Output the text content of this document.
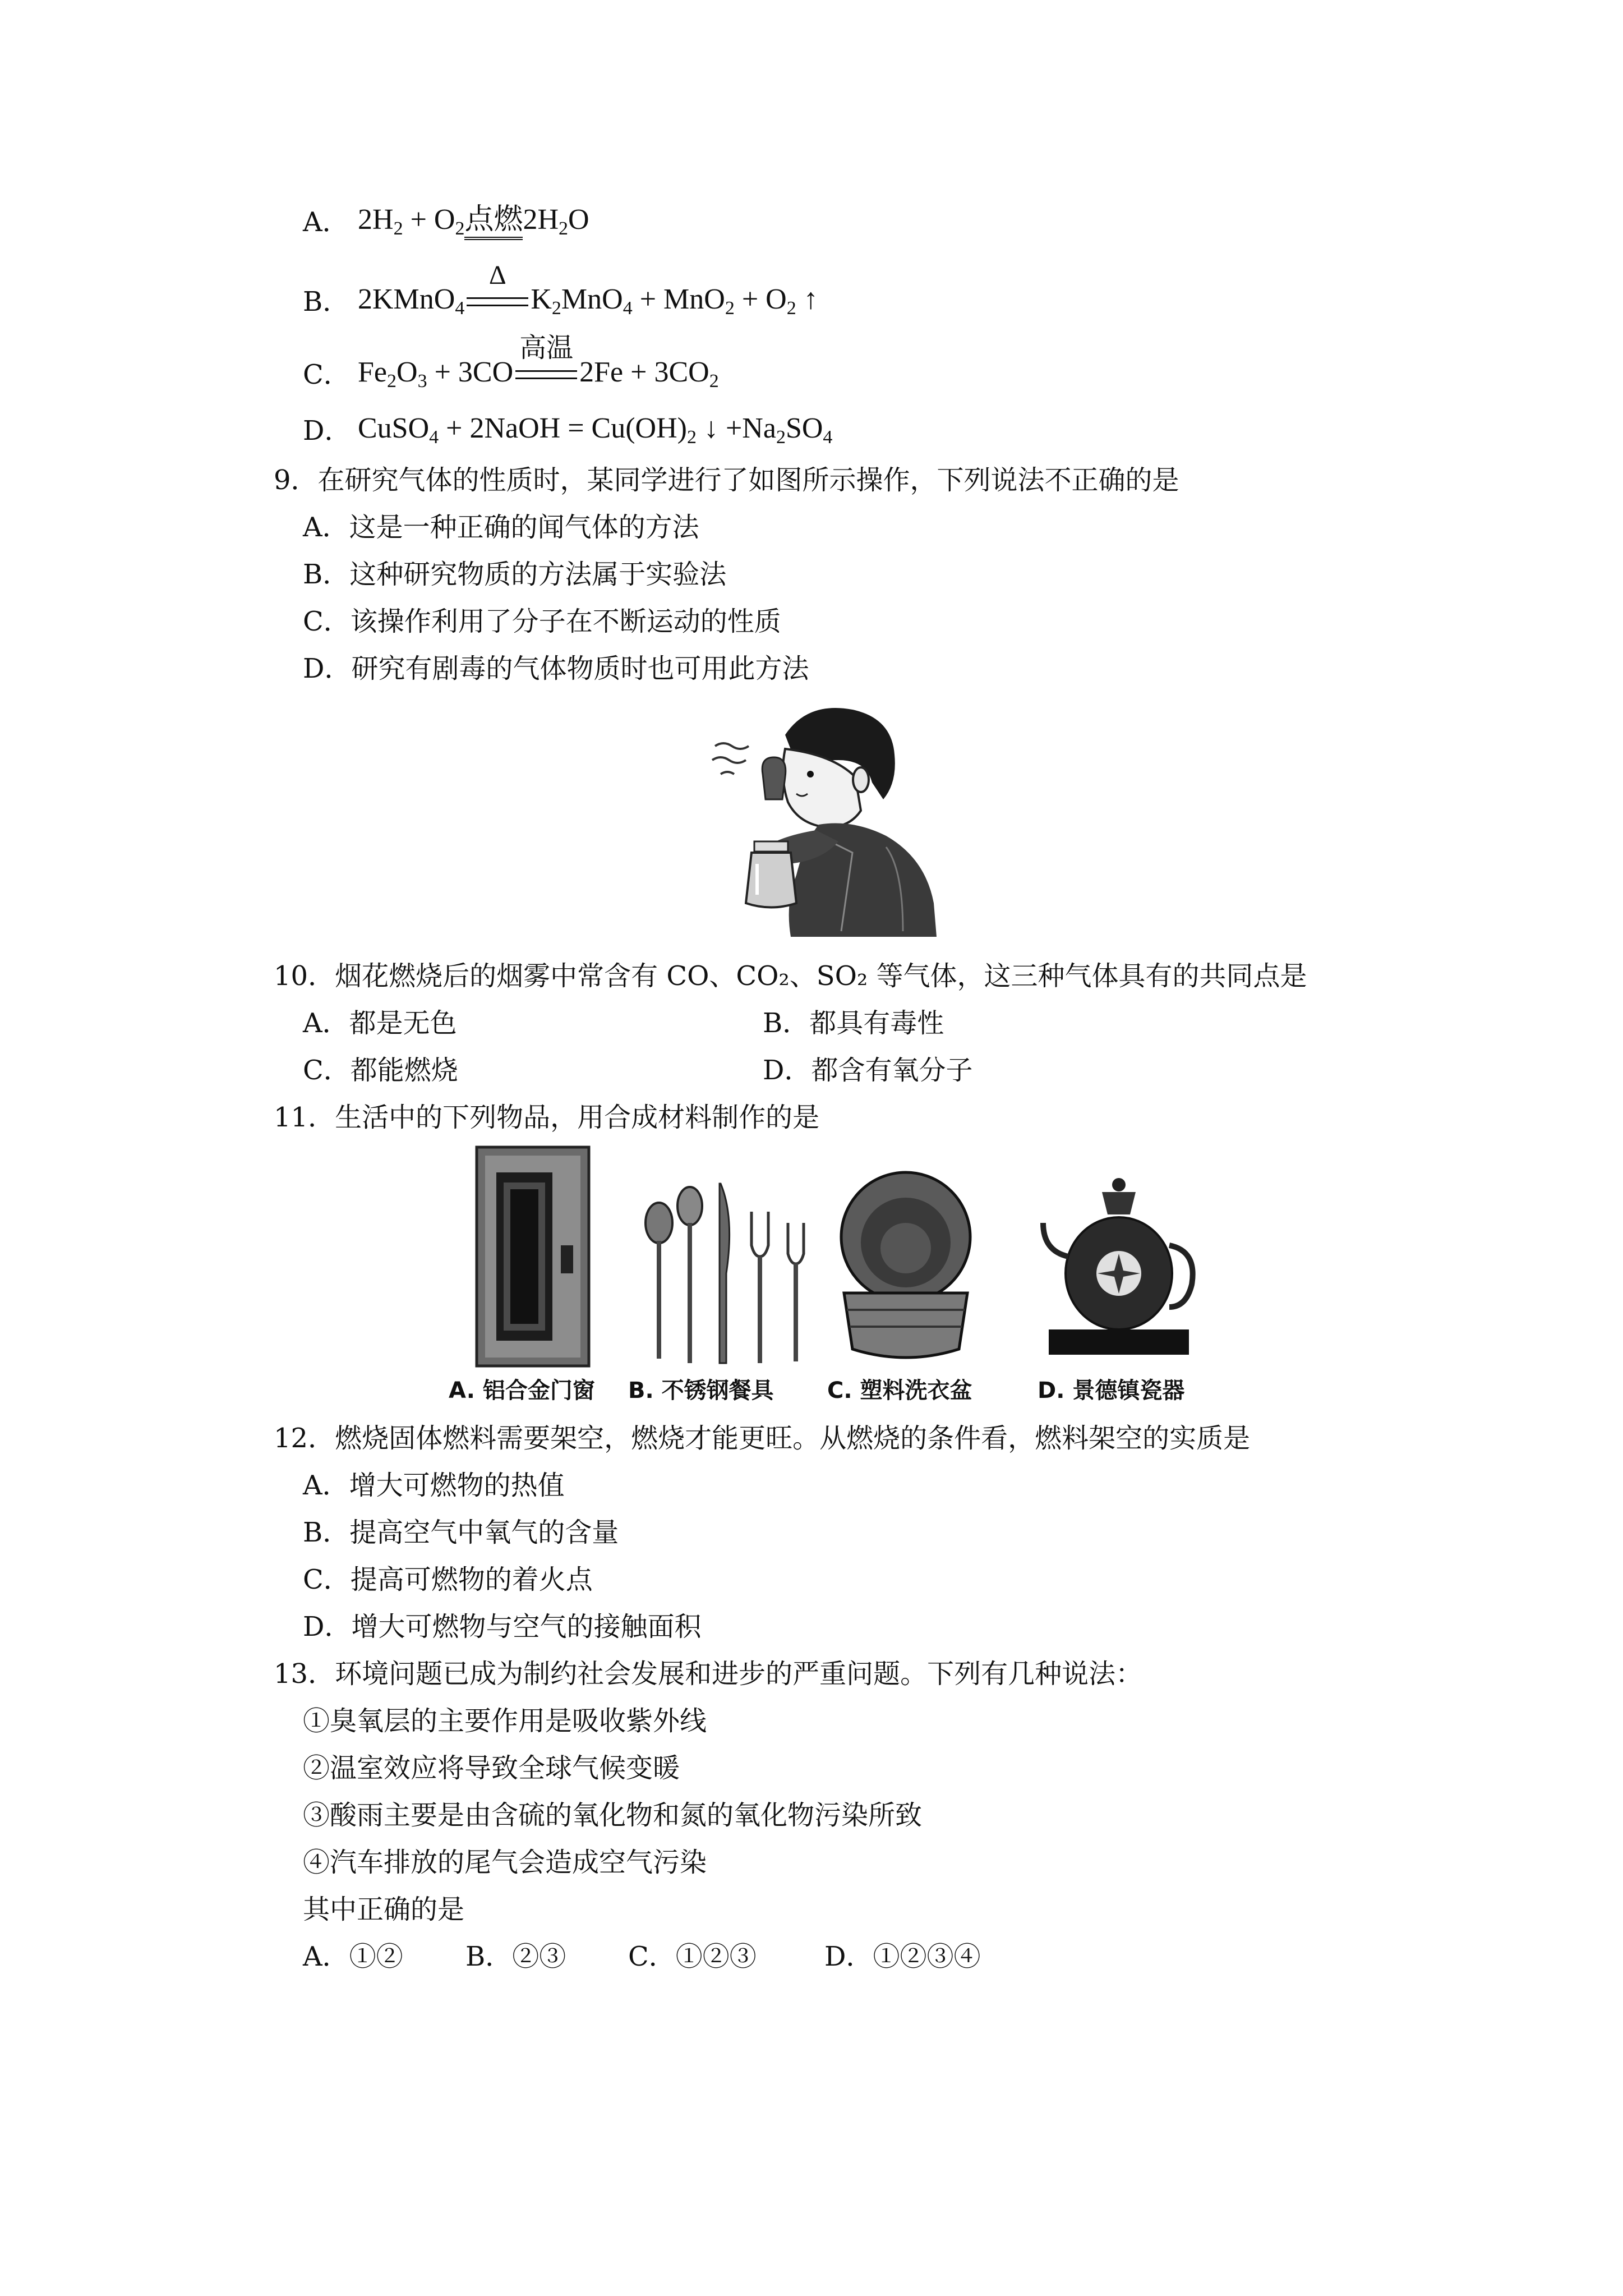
A． $2H_2 + O_2$点燃$2H_2O$
B． 2KMnO$_4$
Δ
$K_2MnO_4 + MnO_2 + O_2$ ↑
C． $Fe_2O_3 + 3CO$
高温
$2Fe + 3CO_2$
D． CuSO$_4$ + 2NaOH = $Cu(OH)_2$ ↓ $+Na_2SO_4$
9．在研究气体的性质时，某同学进行了如图所示操作，下列说法不正确的是
A．这是一种正确的闻气体的方法
B．这种研究物质的方法属于实验法
C．该操作利用了分子在不断运动的性质
D．研究有剧毒的气体物质时也可用此方法
10．烟花燃烧后的烟雾中常含有 CO、CO₂、SO₂ 等气体，这三种气体具有的共同点是
A．都是无色	B．都具有毒性
C．都能燃烧	D．都含有氧分子
11．生活中的下列物品，用合成材料制作的是
A. 铝合金门窗 B. 不锈钢餐具 C. 塑料洗衣盆	D. 景德镇瓷器
12．燃烧固体燃料需要架空，燃烧才能更旺。从燃烧的条件看，燃料架空的实质是
A．增大可燃物的热值
B．提高空气中氧气的含量
C．提高可燃物的着火点
D．增大可燃物与空气的接触面积
13．环境问题已成为制约社会发展和进步的严重问题。下列有几种说法：
①臭氧层的主要作用是吸收紫外线
②温室效应将导致全球气候变暖
③酸雨主要是由含硫的氧化物和氮的氧化物污染所致
④汽车排放的尾气会造成空气污染
其中正确的是
A．①② B．②③ C．①②③	D．①②③④
